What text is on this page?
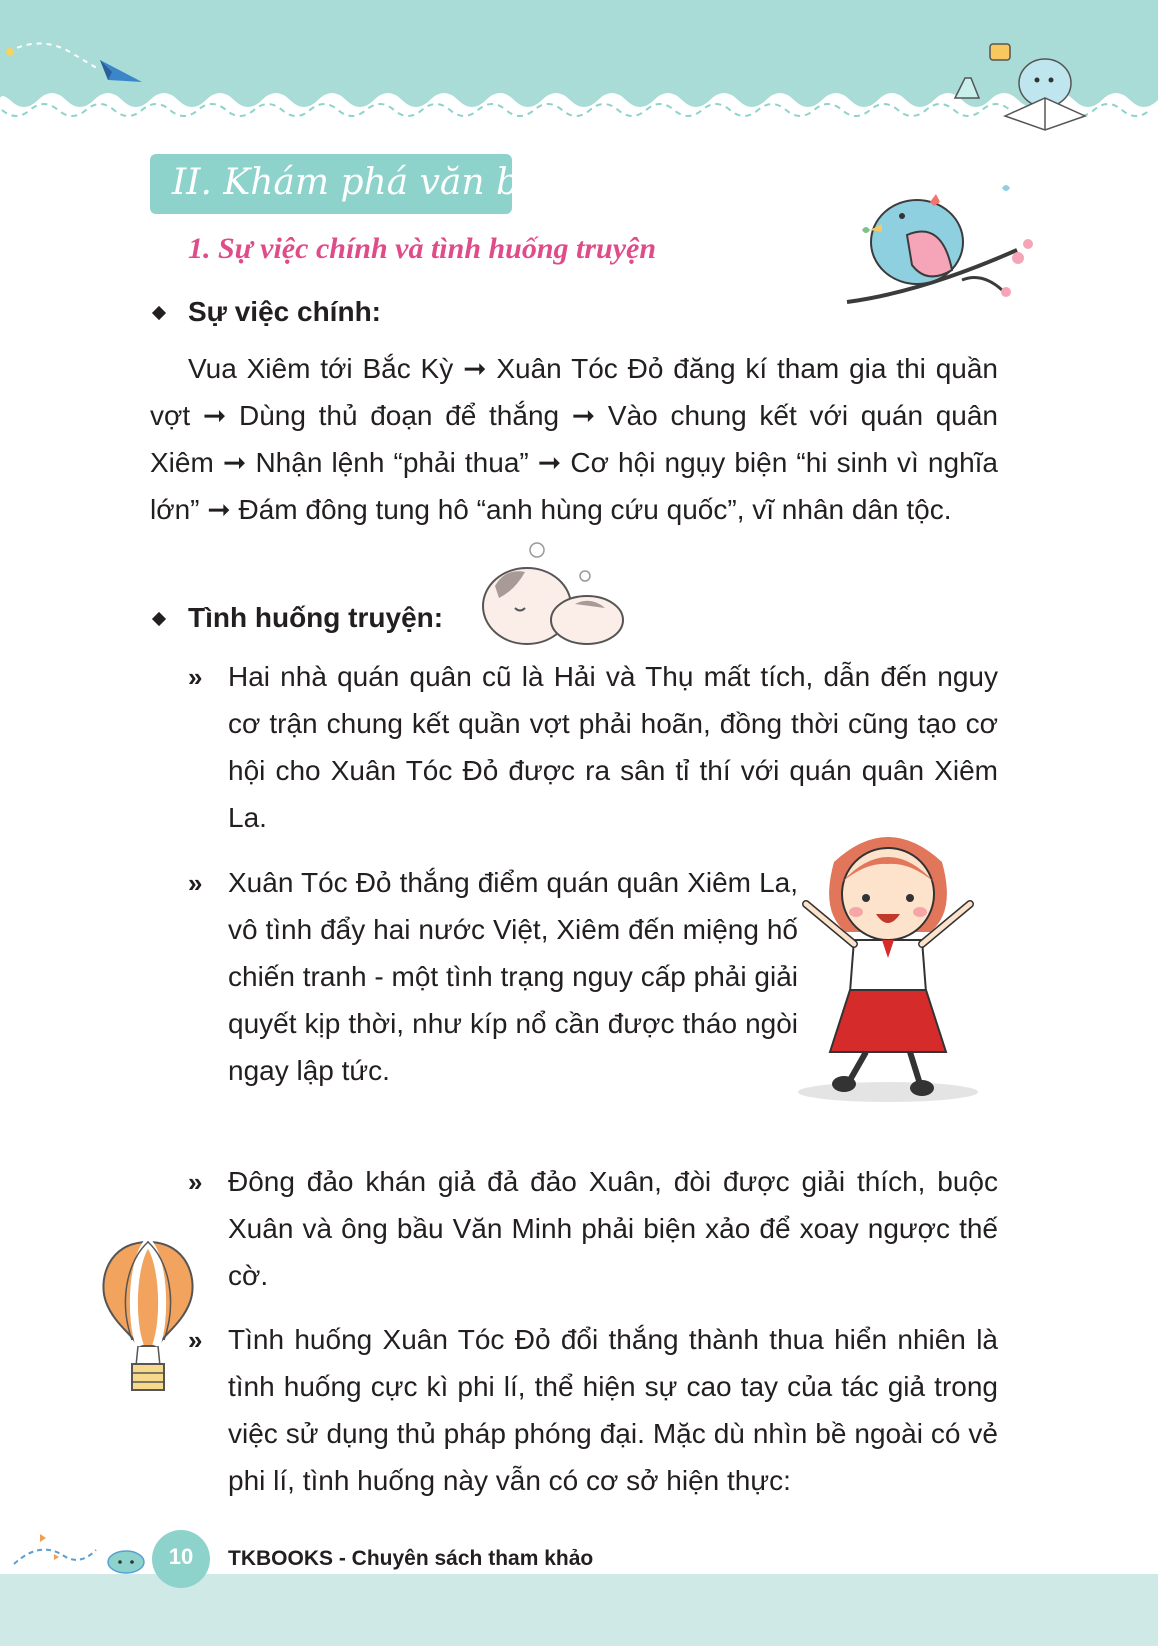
II. Khám phá văn bản
1. Sự việc chính và tình huống truyện
Sự việc chính:

Vua Xiêm tới Bắc Kỳ ➞ Xuân Tóc Đỏ đăng kí tham gia thi quần vợt ➞ Dùng thủ đoạn để thắng ➞ Vào chung kết với quán quân Xiêm ➞ Nhận lệnh “phải thua” ➞ Cơ hội ngụy biện “hi sinh vì nghĩa lớn” ➞ Đám đông tung hô “anh hùng cứu quốc”, vĩ nhân dân tộc.

Tình huống truyện:
» Hai nhà quán quân cũ là Hải và Thụ mất tích, dẫn đến nguy cơ trận chung kết quần vợt phải hoãn, đồng thời cũng tạo cơ hội cho Xuân Tóc Đỏ được ra sân tỉ thí với quán quân Xiêm La.

» Xuân Tóc Đỏ thắng điểm quán quân Xiêm La, vô tình đẩy hai nước Việt, Xiêm đến miệng hố chiến tranh - một tình trạng nguy cấp phải giải quyết kịp thời, như kíp nổ cần được tháo ngòi ngay lập tức.

» Đông đảo khán giả đả đảo Xuân, đòi được giải thích, buộc Xuân và ông bầu Văn Minh phải biện xảo để xoay ngược thế cờ.

» Tình huống Xuân Tóc Đỏ đổi thắng thành thua hiển nhiên là tình huống cực kì phi lí, thể hiện sự cao tay của tác giả trong việc sử dụng thủ pháp phóng đại. Mặc dù nhìn bề ngoài có vẻ phi lí, tình huống này vẫn có cơ sở hiện thực:

10	TKBOOKS - Chuyên sách tham khảo
